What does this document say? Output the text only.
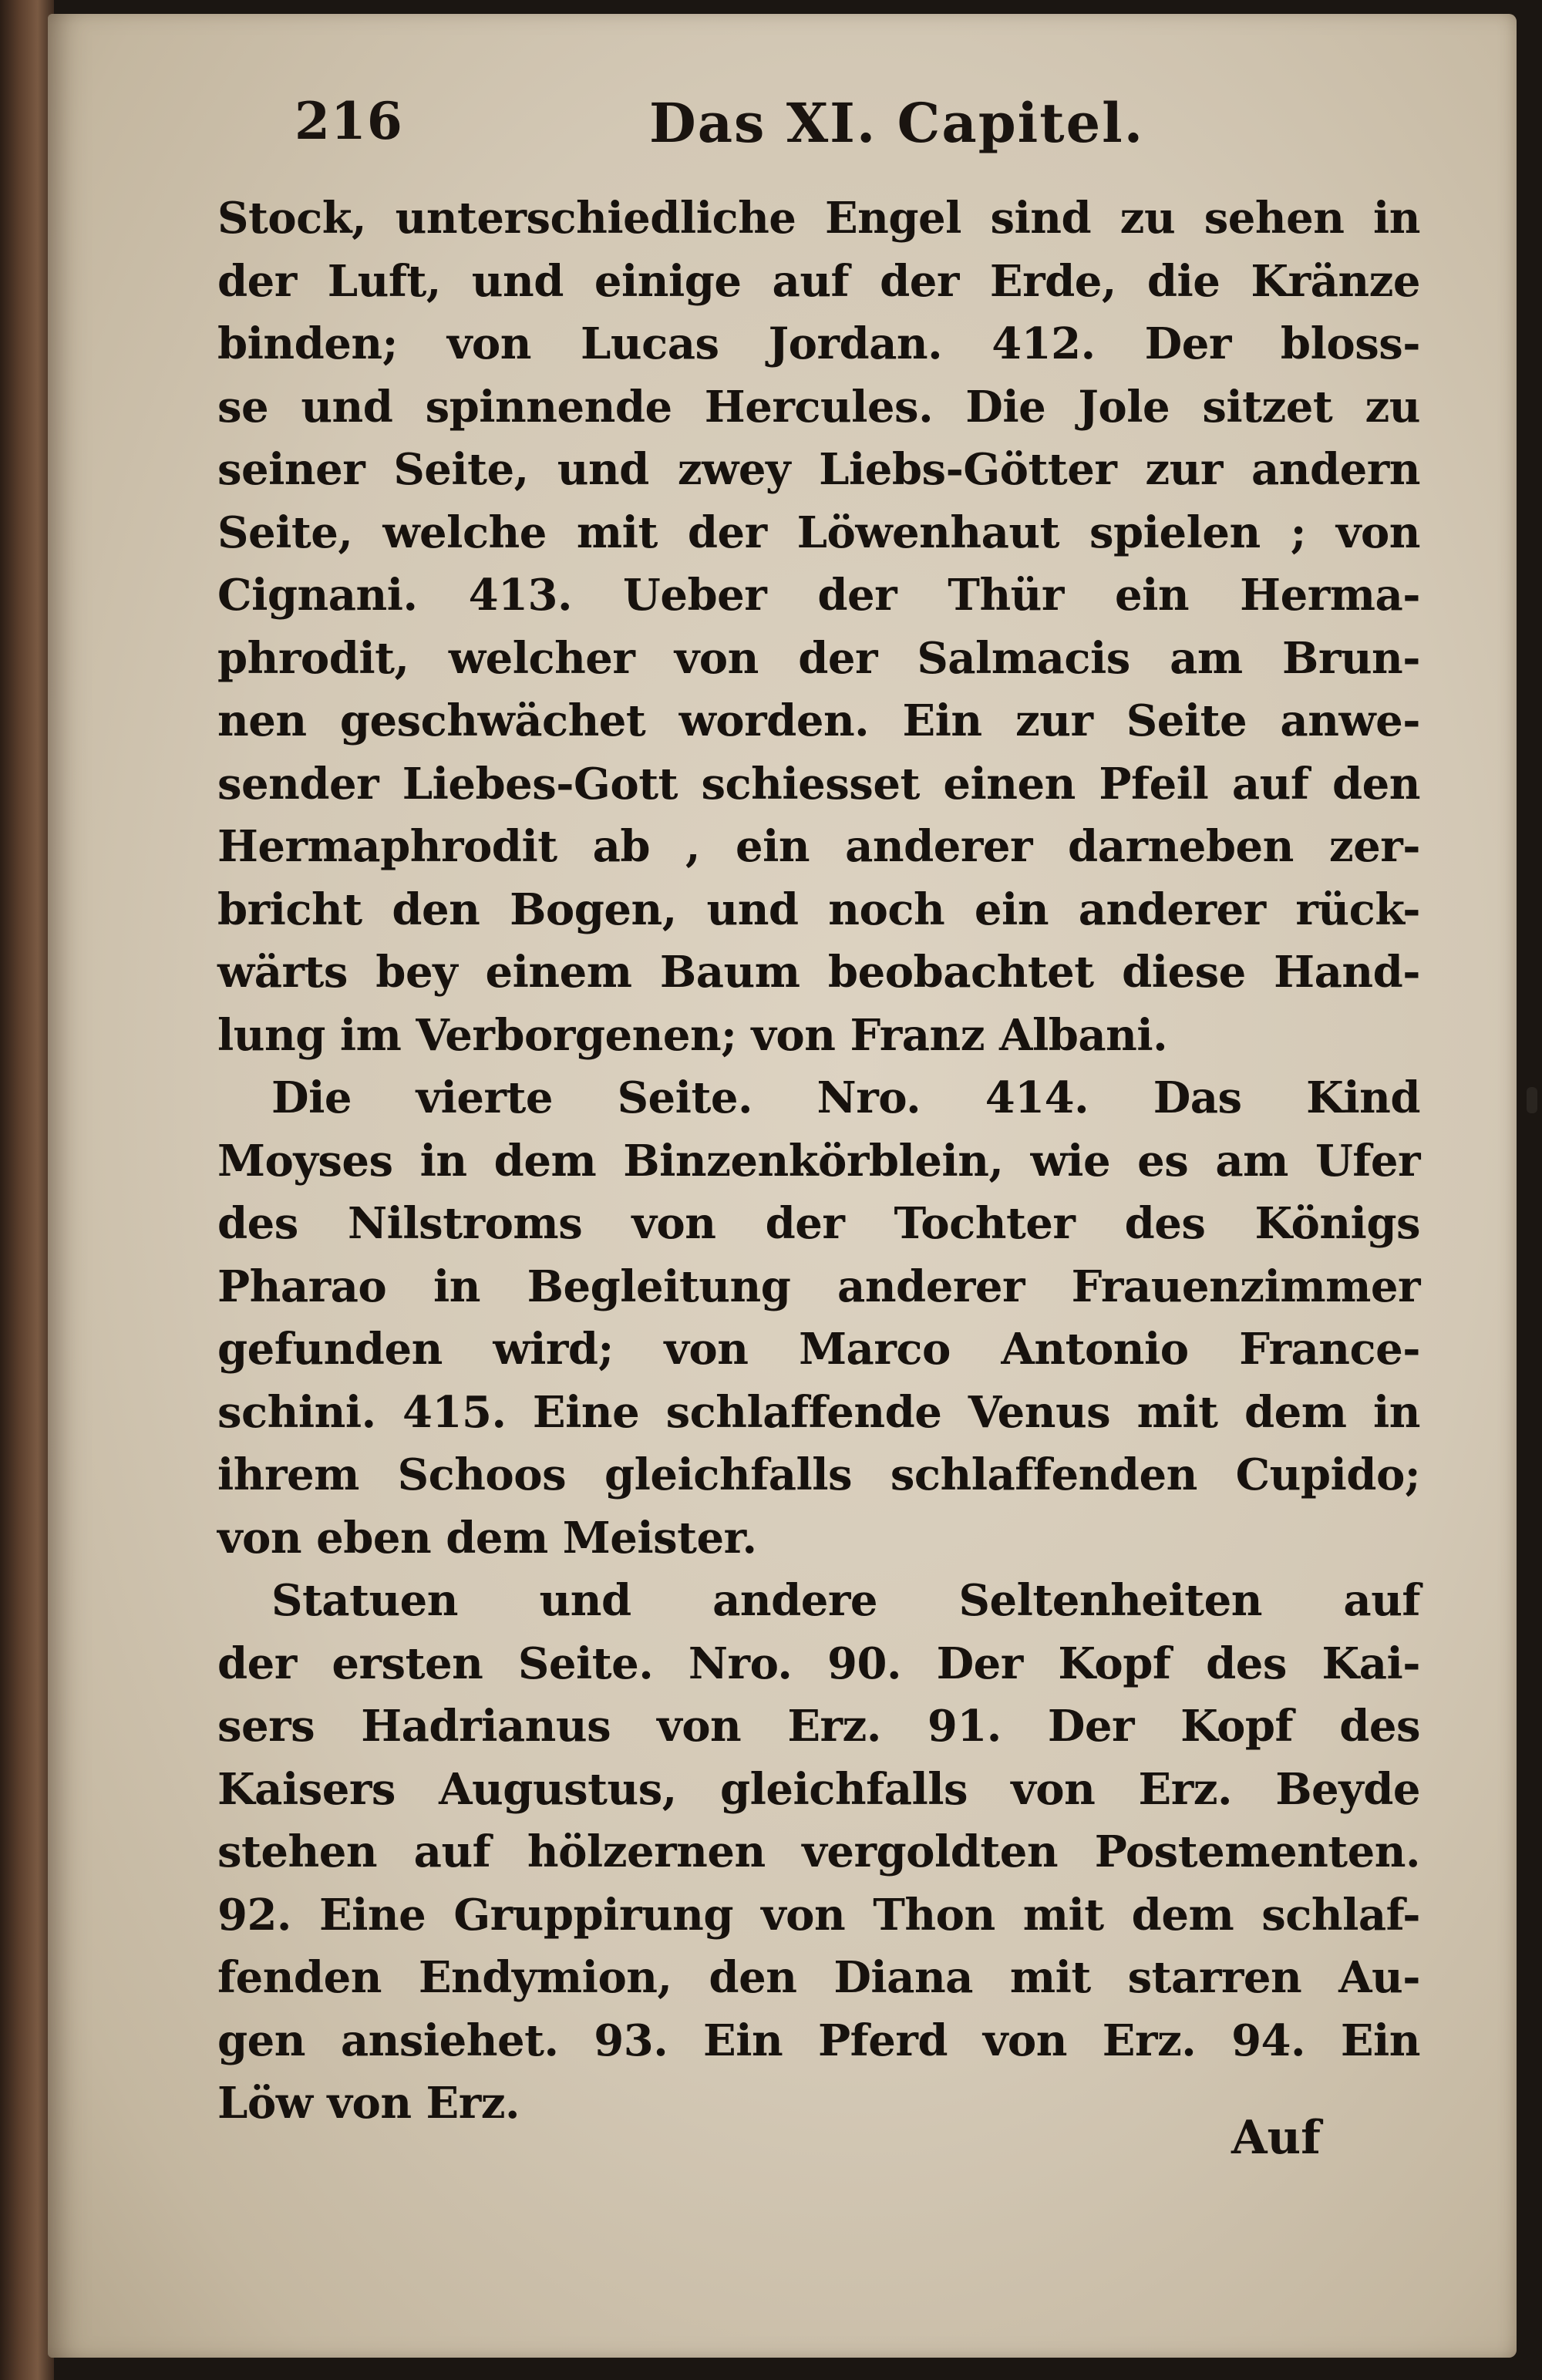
216	Das XI. Capitel.
Stock, unterschiedliche Engel sind zu sehen in
der Luft, und einige auf der Erde, die Kränze
binden; von Lucas Jordan. 412. Der bloss-
se und spinnende Hercules. Die Jole sitzet zu
seiner Seite, und zwey Liebs-Götter zur andern
Seite, welche mit der Löwenhaut spielen ; von
Cignani. 413. Ueber der Thür ein Herma-
phrodit, welcher von der Salmacis am Brun-
nen geschwächet worden. Ein zur Seite anwe-
sender Liebes-Gott schiesset einen Pfeil auf den
Hermaphrodit ab , ein anderer darneben zer-
bricht den Bogen, und noch ein anderer rück-
wärts bey einem Baum beobachtet diese Hand-
lung im Verborgenen; von Franz Albani.
Die vierte Seite. Nro. 414. Das Kind
Moyses in dem Binzenkörblein, wie es am Ufer
des Nilstroms von der Tochter des Königs
Pharao in Begleitung anderer Frauenzimmer
gefunden wird; von Marco Antonio France-
schini. 415. Eine schlaffende Venus mit dem in
ihrem Schoos gleichfalls schlaffenden Cupido;
von eben dem Meister.
Statuen und andere Seltenheiten auf
der ersten Seite. Nro. 90. Der Kopf des Kai-
sers Hadrianus von Erz. 91. Der Kopf des
Kaisers Augustus, gleichfalls von Erz. Beyde
stehen auf hölzernen vergoldten Postementen.
92. Eine Gruppirung von Thon mit dem schlaf-
fenden Endymion, den Diana mit starren Au-
gen ansiehet. 93. Ein Pferd von Erz. 94. Ein
Löw von Erz.
Auf
